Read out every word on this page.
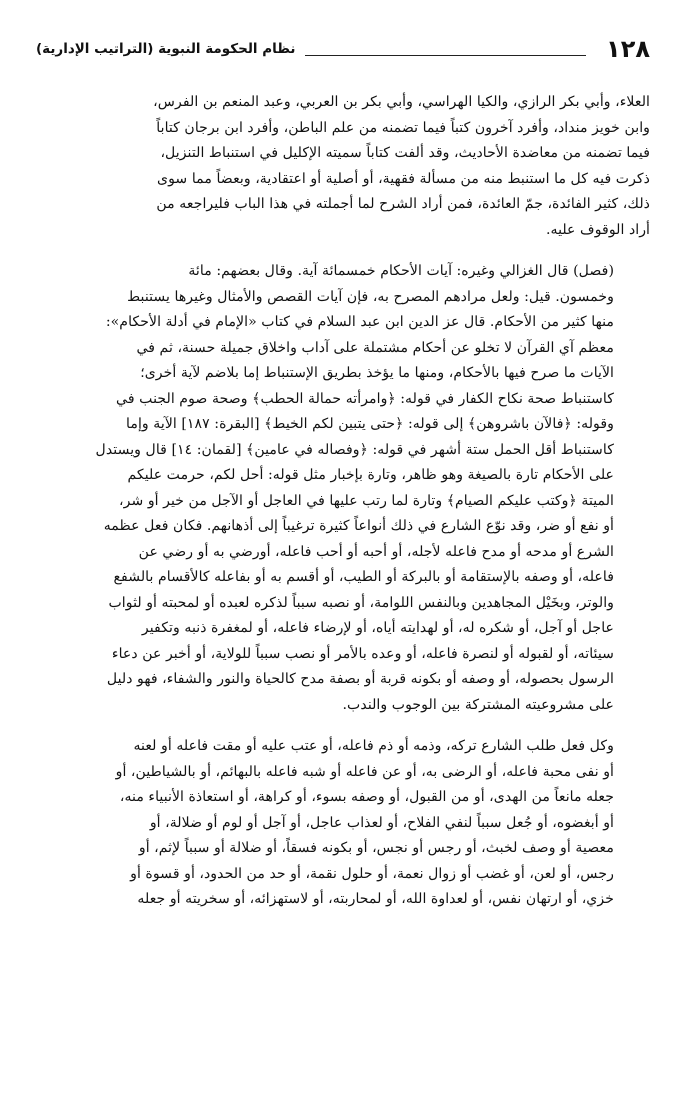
١٢٨
نظام الحكومة النبوية (التراتيب الإدارية)

العلاء، وأبي بكر الرازي، والكيا الهراسي، وأبي بكر بن العربي، وعبد المنعم بن الفرس،
وابن خويز منداد، وأفرد آخرون كتباً فيما تضمنه من علم الباطن، وأفرد ابن برجان كتاباً
فيما تضمنه من معاضدة الأحاديث، وقد ألفت كتاباً سميته الإكليل في استنباط التنزيل،
ذكرت فيه كل ما استنبط منه من مسألة فقهية، أو أصلية أو اعتقادية، وبعضاً مما سوى
ذلك، كثير الفائدة، جمّ العائدة، فمن أراد الشرح لما أجملته في هذا الباب فليراجعه من
أراد الوقوف عليه.

(فصل) قال الغزالي وغيره: آيات الأحكام خمسمائة آية. وقال بعضهم: مائة
وخمسون. قيل: ولعل مرادهم المصرح به، فإن آيات القصص والأمثال وغيرها يستنبط
منها كثير من الأحكام. قال عز الدين ابن عبد السلام في كتاب «الإمام في أدلة الأحكام»:
معظم آي القرآن لا تخلو عن أحكام مشتملة على آداب واخلاق جميلة حسنة، ثم في
الآيات ما صرح فيها بالأحكام، ومنها ما يؤخذ بطريق الإستنباط إما بلاضم لآية أخرى؛
كاستنباط صحة نكاح الكفار في قوله: ﴿وامرأته حمالة الحطب﴾ وصحة صوم الجنب في
وقوله: ﴿فالآن باشروهن﴾ إلى قوله: ﴿حتى يتبين لكم الخيط﴾ [البقرة: ١٨٧] الآية وإما
كاستنباط أقل الحمل ستة أشهر في قوله: ﴿وفصاله في عامين﴾ [لقمان: ١٤] قال ويستدل
على الأحكام تارة بالصيغة وهو ظاهر، وتارة بإخبار مثل قوله: أحل لكم، حرمت عليكم
الميتة ﴿وكتب عليكم الصيام﴾ وتارة لما رتب عليها في العاجل أو الآجل من خير أو شر،
أو نفع أو ضر، وقد نوّع الشارع في ذلك أنواعاً كثيرة ترغيباً إلى أذهانهم. فكان فعل عظمه
الشرع أو مدحه أو مدح فاعله لأجله، أو أحبه أو أحب فاعله، أورضي به أو رضي عن
فاعله، أو وصفه بالإستقامة أو بالبركة أو الطيب، أو أقسم به أو بفاعله كالأقسام بالشفع
والوتر، وبخَيْل المجاهدين وبالنفس اللوامة، أو نصبه سبباً لذكره لعبده أو لمحبته أو لثواب
عاجل أو آجل، أو شكره له، أو لهدايته أياه، أو لإرضاء فاعله، أو لمغفرة ذنبه وتكفير
سيئاته، أو لقبوله أو لنصرة فاعله، أو وعده بالأمر أو نصب سبباً للولاية، أو أخبر عن دعاء
الرسول بحصوله، أو وصفه أو بكونه قربة أو بصفة مدح كالحياة والنور والشفاء، فهو دليل
على مشروعيته المشتركة بين الوجوب والندب.

وكل فعل طلب الشارع تركه، وذمه أو ذم فاعله، أو عتب عليه أو مقت فاعله أو لعنه
أو نفى محبة فاعله، أو الرضى به، أو عن فاعله أو شبه فاعله بالبهائم، أو بالشياطين، أو
جعله مانعاً من الهدى، أو من القبول، أو وصفه بسوء، أو كراهة، أو استعاذة الأنبياء منه،
أو أبغضوه، أو جُعل سبباً لنفي الفلاح، أو لعذاب عاجل، أو آجل أو لوم أو ضلالة، أو
معصية أو وصف لخبث، أو رجس أو نجس، أو بكونه فسقاً، أو ضلالة أو سبباً لإثم، أو
رجس، أو لعن، أو غضب أو زوال نعمة، أو حلول نقمة، أو حد من الحدود، أو قسوة أو
خزي، أو ارتهان نفس، أو لعداوة الله، أو لمحاربته، أو لاستهزائه، أو سخريته أو جعله
